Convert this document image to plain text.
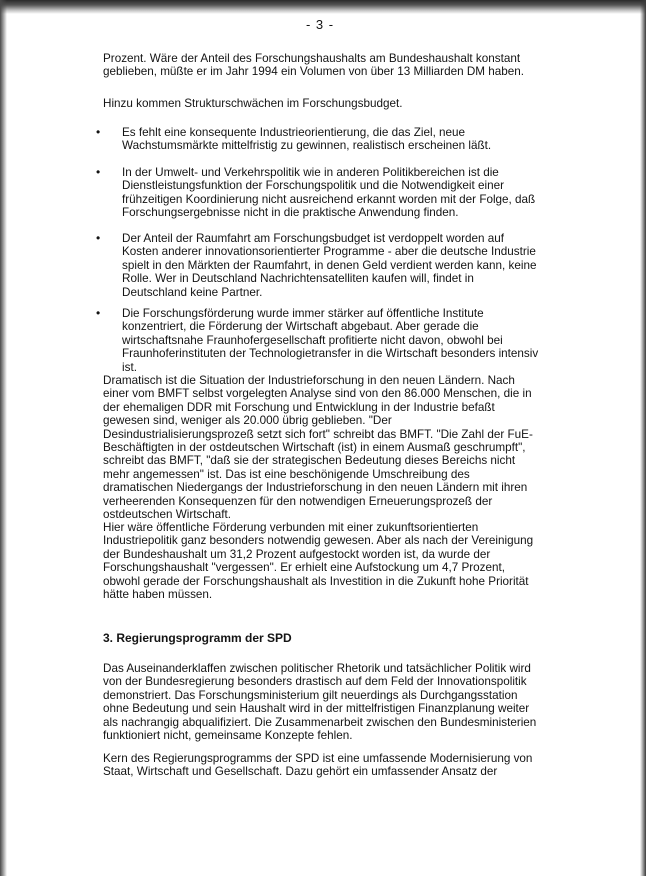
- 3 -

Prozent. Wäre der Anteil des Forschungshaushalts am Bundeshaushalt konstant geblieben, müßte er im Jahr 1994 ein Volumen von über 13 Milliarden DM haben.

Hinzu kommen Strukturschwächen im Forschungsbudget.

• Es fehlt eine konsequente Industrieorientierung, die das Ziel, neue Wachstumsmärkte mittelfristig zu gewinnen, realistisch erscheinen läßt.

• In der Umwelt- und Verkehrspolitik wie in anderen Politikbereichen ist die Dienstleistungsfunktion der Forschungspolitik und die Notwendigkeit einer frühzeitigen Koordinierung nicht ausreichend erkannt worden mit der Folge, daß Forschungsergebnisse nicht in die praktische Anwendung finden.

• Der Anteil der Raumfahrt am Forschungsbudget ist verdoppelt worden auf Kosten anderer innovationsorientierter Programme - aber die deutsche Industrie spielt in den Märkten der Raumfahrt, in denen Geld verdient werden kann, keine Rolle. Wer in Deutschland Nachrichtensatelliten kaufen will, findet in Deutschland keine Partner.

• Die Forschungsförderung wurde immer stärker auf öffentliche Institute konzentriert, die Förderung der Wirtschaft abgebaut. Aber gerade die wirtschaftsnahe Fraunhofergesellschaft profitierte nicht davon, obwohl bei Fraunhoferinstituten der Technologietransfer in die Wirtschaft besonders intensiv ist.

Dramatisch ist die Situation der Industrieforschung in den neuen Ländern. Nach einer vom BMFT selbst vorgelegten Analyse sind von den 86.000 Menschen, die in der ehemaligen DDR mit Forschung und Entwicklung in der Industrie befaßt gewesen sind, weniger als 20.000 übrig geblieben. "Der Desindustrialisierungsprozeß setzt sich fort" schreibt das BMFT. "Die Zahl der FuE-Beschäftigten in der ostdeutschen Wirtschaft (ist) in einem Ausmaß geschrumpft", schreibt das BMFT, "daß sie der strategischen Bedeutung dieses Bereichs nicht mehr angemessen" ist. Das ist eine beschönigende Umschreibung des dramatischen Niedergangs der Industrieforschung in den neuen Ländern mit ihren verheerenden Konsequenzen für den notwendigen Erneuerungsprozeß der ostdeutschen Wirtschaft.

Hier wäre öffentliche Förderung verbunden mit einer zukunftsorientierten Industriepolitik ganz besonders notwendig gewesen. Aber als nach der Vereinigung der Bundeshaushalt um 31,2 Prozent aufgestockt worden ist, da wurde der Forschungshaushalt "vergessen". Er erhielt eine Aufstockung um 4,7 Prozent, obwohl gerade der Forschungshaushalt als Investition in die Zukunft hohe Priorität hätte haben müssen.

3. Regierungsprogramm der SPD

Das Auseinanderklaffen zwischen politischer Rhetorik und tatsächlicher Politik wird von der Bundesregierung besonders drastisch auf dem Feld der Innovationspolitik demonstriert. Das Forschungsministerium gilt neuerdings als Durchgangsstation ohne Bedeutung und sein Haushalt wird in der mittelfristigen Finanzplanung weiter als nachrangig abqualifiziert. Die Zusammenarbeit zwischen den Bundesministerien funktioniert nicht, gemeinsame Konzepte fehlen.

Kern des Regierungsprogramms der SPD ist eine umfassende Modernisierung von Staat, Wirtschaft und Gesellschaft. Dazu gehört ein umfassender Ansatz der
